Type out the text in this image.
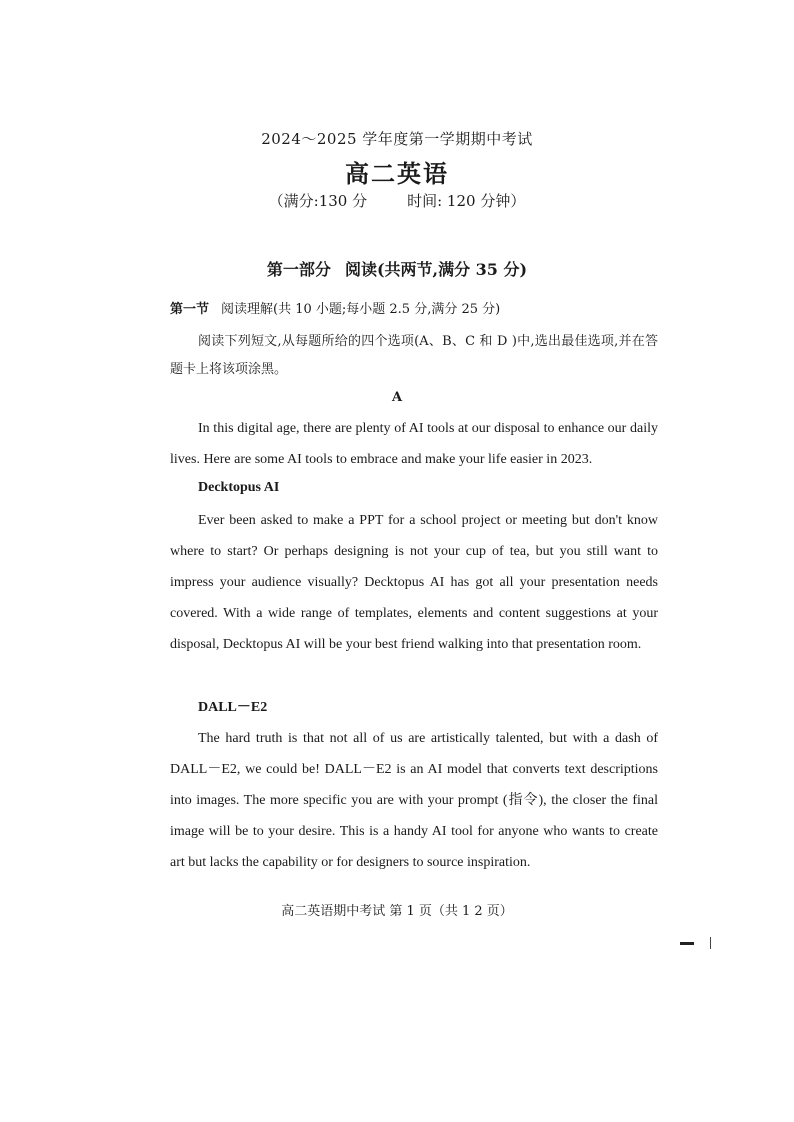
2024～2025 学年度第一学期期中考试
高二英语
（满分:130 分	时间: 120 分钟）
第一部分 阅读(共两节,满分 35 分)
第一节 阅读理解(共 10 小题;每小题 2.5 分,满分 25 分)
阅读下列短文,从每题所给的四个选项(A、B、C 和 D )中,选出最佳选项,并在答题卡上将该项涂黑。
A
In this digital age, there are plenty of AI tools at our disposal to enhance our daily lives. Here are some AI tools to embrace and make your life easier in 2023.
Decktopus AI
Ever been asked to make a PPT for a school project or meeting but don't know where to start? Or perhaps designing is not your cup of tea, but you still want to impress your audience visually? Decktopus AI has got all your presentation needs covered. With a wide range of templates, elements and content suggestions at your disposal, Decktopus AI will be your best friend walking into that presentation room.
DALL－E2
The hard truth is that not all of us are artistically talented, but with a dash of DALL－E2, we could be! DALL－E2 is an AI model that converts text descriptions into images. The more specific you are with your prompt (指令), the closer the final image will be to your desire. This is a handy AI tool for anyone who wants to create art but lacks the capability or for designers to source inspiration.
高二英语期中考试 第 1 页（共 1 2 页）
